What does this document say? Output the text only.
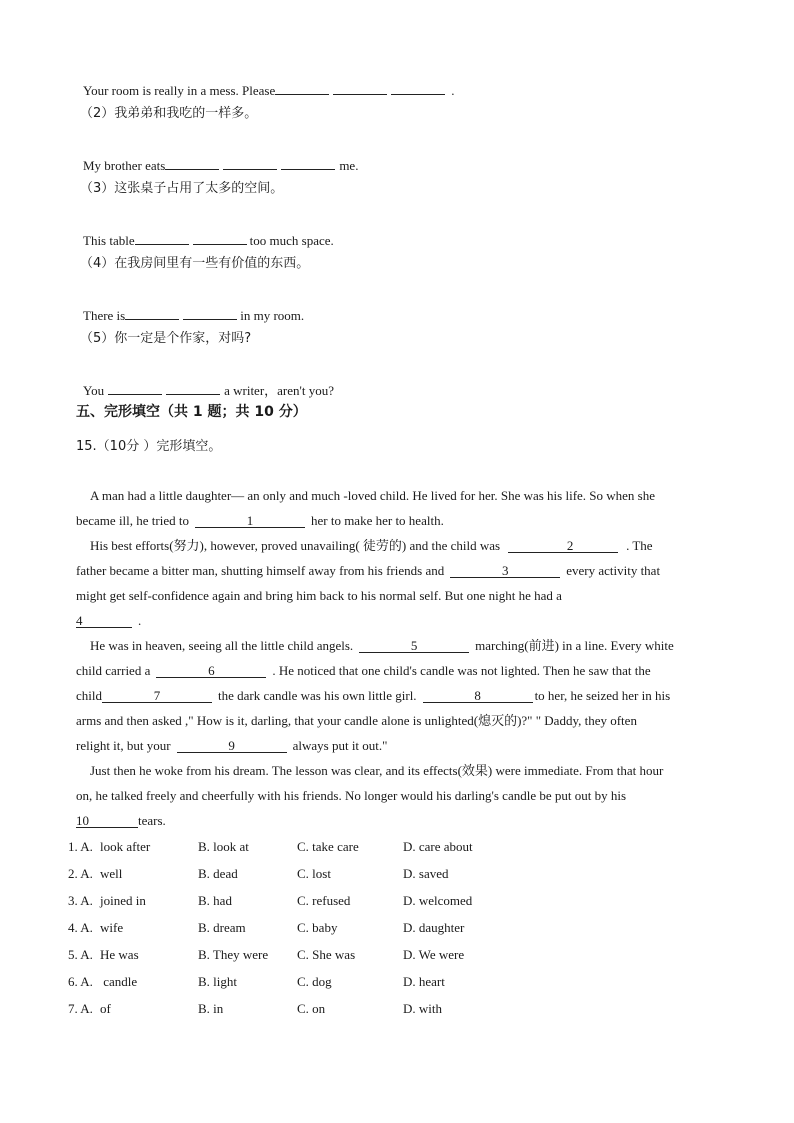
Your room is really in a mess. Please	.
（2）我弟弟和我吃的一样多。
My brother eats	me.
（3）这张桌子占用了太多的空间。
This table	too much space.
（4）在我房间里有一些有价值的东西。
There is	in my room.
（5）你一定是个作家，对吗?
You	a writer，aren't you?
五、完形填空（共 1 题；共 10 分）
15.（10分 ）完形填空。
A man had a little daughter— an only and much -loved child. He lived for her. She was his life. So when she
became ill, he tried to	1	her to make her to health.
His best efforts(努力), however, proved unavailing( 徒劳的) and the child was	2	. The
father became a bitter man, shutting himself away from his friends and	3	every activity that
might get self-confidence again and bring him back to his normal self. But one night he had a
4	.
He was in heaven, seeing all the little child angels.	5	marching(前进) in a line. Every white
child carried a	6	. He noticed that one child's candle was not lighted. Then he saw that the
child	7	the dark candle was his own little girl.	8	to her, he seized her in his
arms and then asked ," How is it, darling, that your candle alone is unlighted(熄灭的)?" " Daddy, they often
relight it, but your	9	always put it out."
Just then he woke from his dream. The lesson was clear, and its effects(效果) were immediate. From that hour
on, he talked freely and cheerfully with his friends. No longer would his darling's candle be put out by his
10	tears.
1. A. look after	B. look at	C. take care	D. care about
2. A. well	B. dead	C. lost	D. saved
3. A. joined in	B. had	C. refused	D. welcomed
4. A. wife	B. dream	C. baby	D. daughter
5. A. He was	B. They were C. She was	D. We were
6. A. candle	B. light	C. dog	D. heart
7. A. of	B. in	C. on	D. with
